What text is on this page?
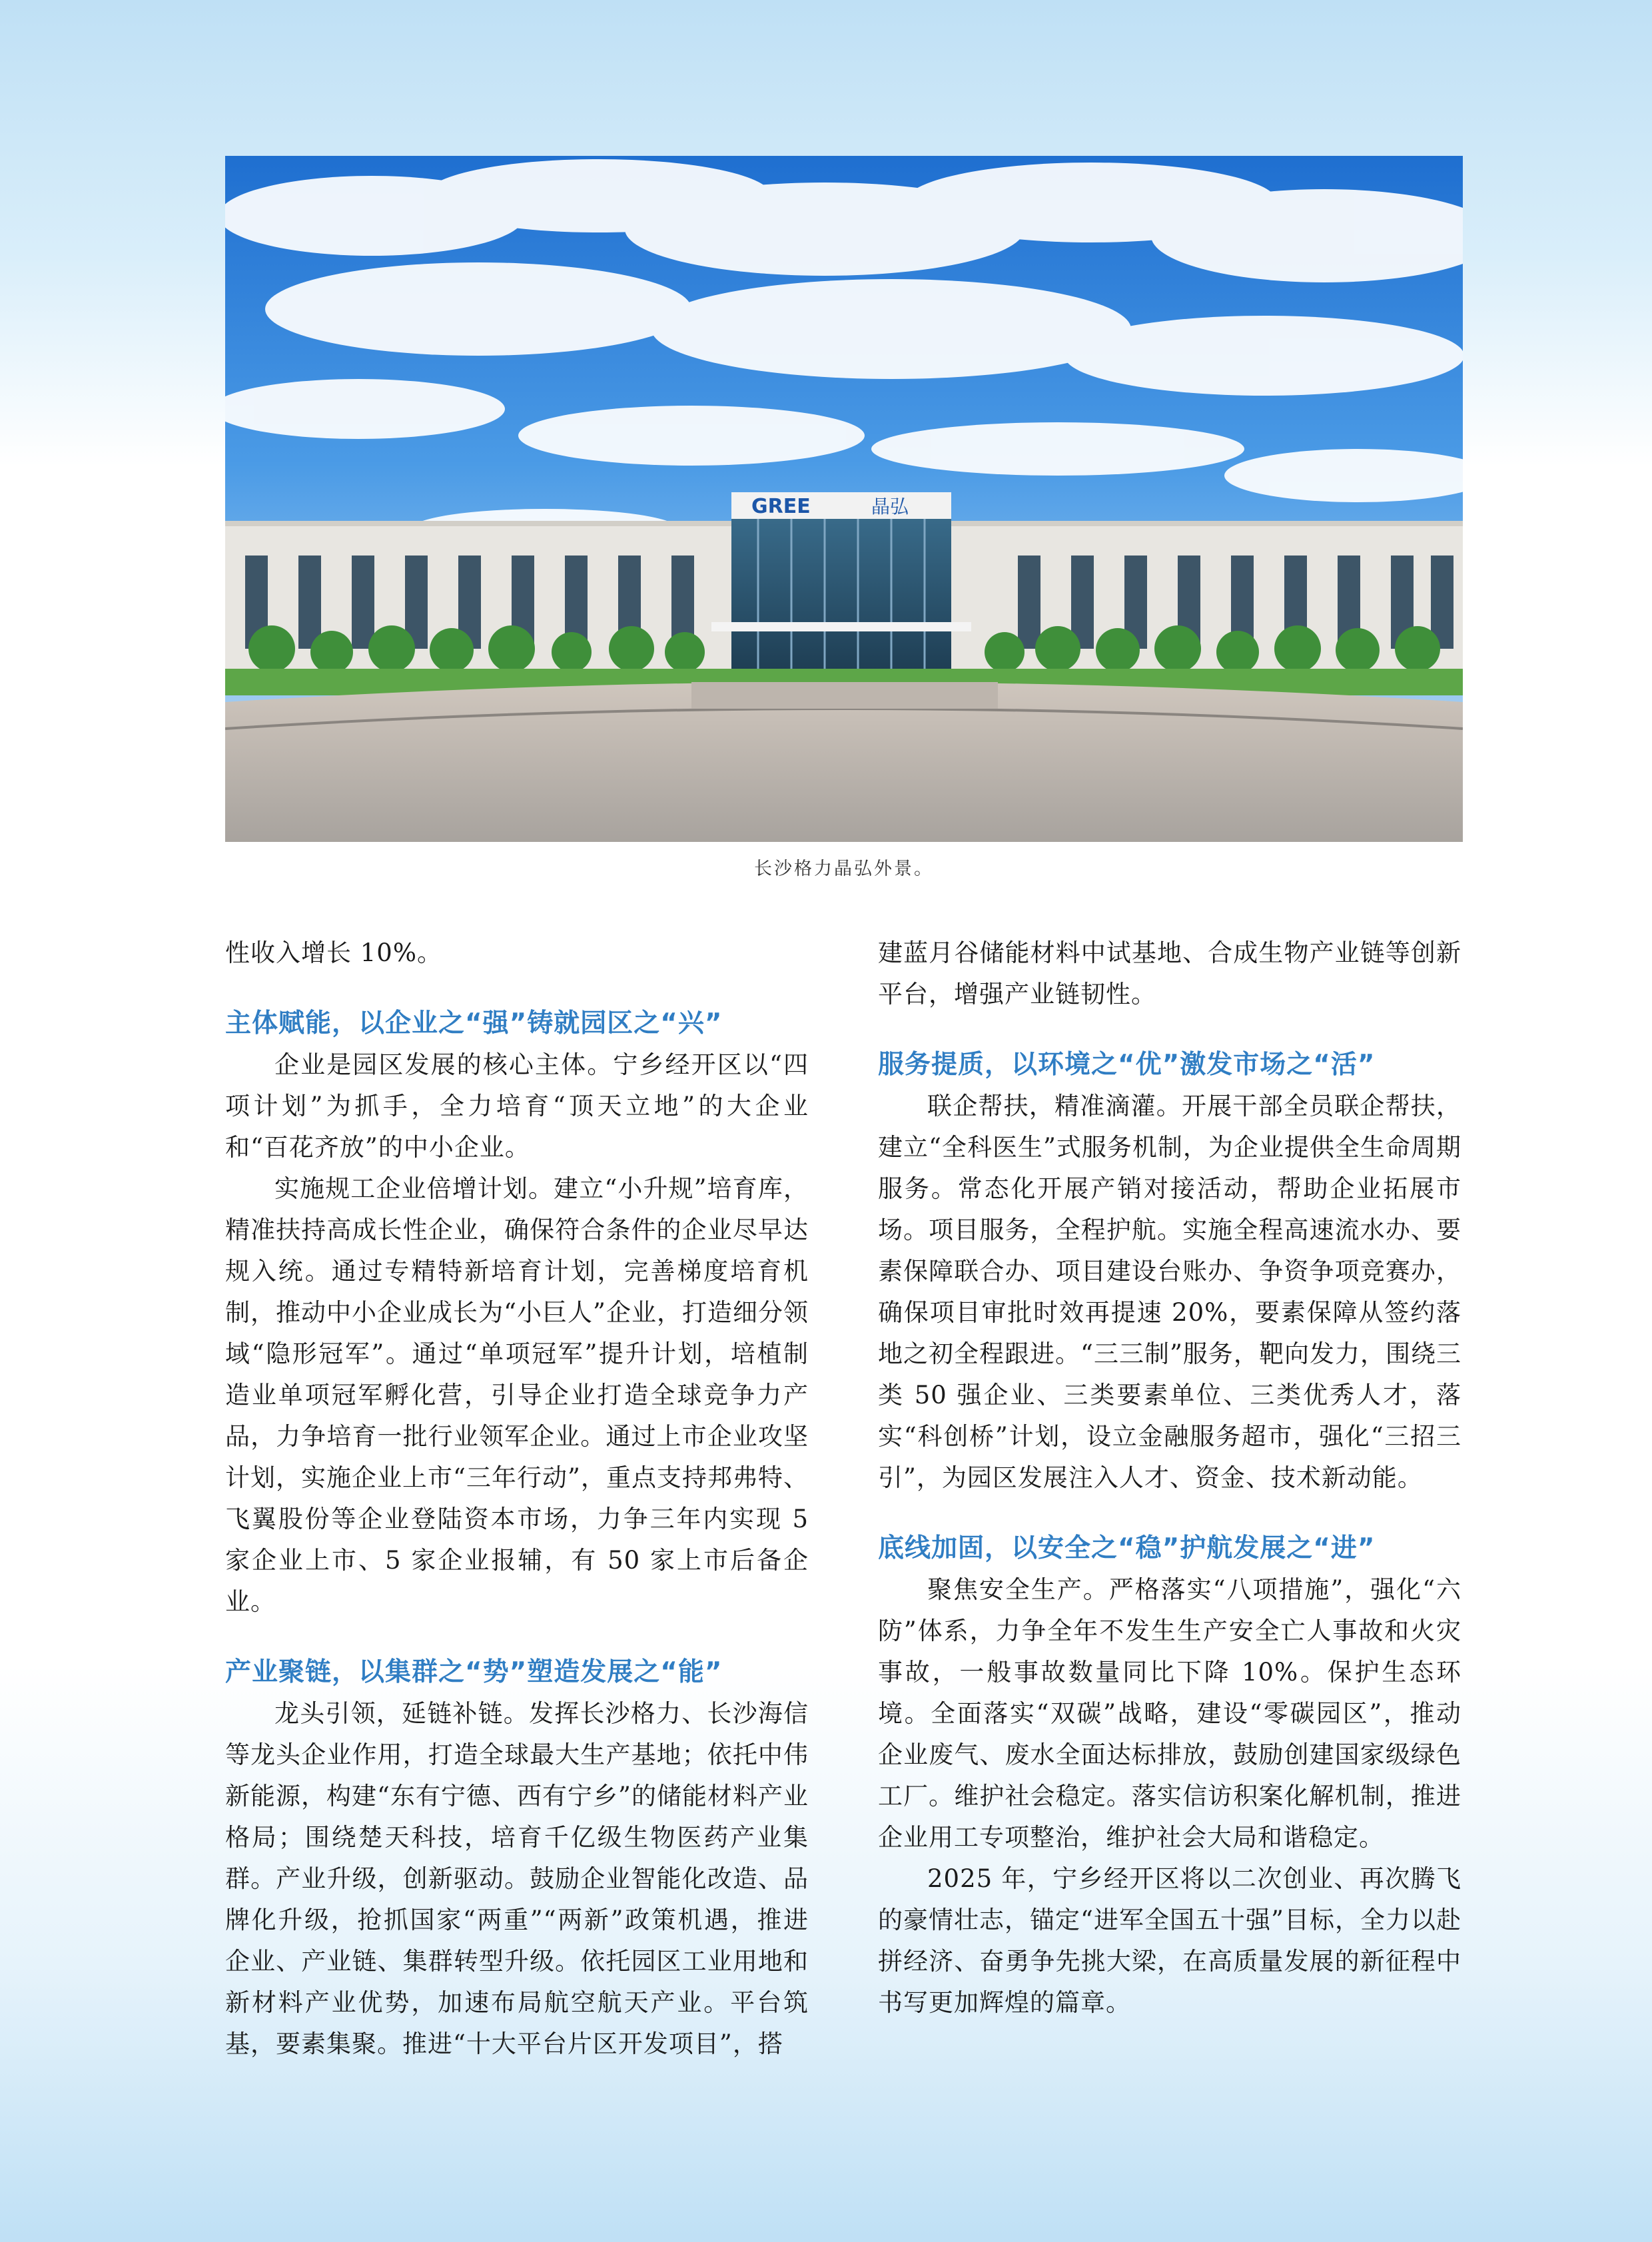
GREE	晶弘
长沙格力晶弘外景。

性收入增长 10%。

主体赋能，以企业之“强”铸就园区之“兴”

企业是园区发展的核心主体。宁乡经开区以“四项计划”为抓手，全力培育“顶天立地”的大企业和“百花齐放”的中小企业。

实施规工企业倍增计划。建立“小升规”培育库，精准扶持高成长性企业，确保符合条件的企业尽早达规入统。通过专精特新培育计划，完善梯度培育机制，推动中小企业成长为“小巨人”企业，打造细分领域“隐形冠军”。通过“单项冠军”提升计划，培植制造业单项冠军孵化营，引导企业打造全球竞争力产品，力争培育一批行业领军企业。通过上市企业攻坚计划，实施企业上市“三年行动”，重点支持邦弗特、飞翼股份等企业登陆资本市场，力争三年内实现 5 家企业上市、5 家企业报辅，有 50 家上市后备企业。

产业聚链，以集群之“势”塑造发展之“能”

龙头引领，延链补链。发挥长沙格力、长沙海信等龙头企业作用，打造全球最大生产基地；依托中伟新能源，构建“东有宁德、西有宁乡”的储能材料产业格局；围绕楚天科技，培育千亿级生物医药产业集群。产业升级，创新驱动。鼓励企业智能化改造、品牌化升级，抢抓国家“两重”“两新”政策机遇，推进企业、产业链、集群转型升级。依托园区工业用地和新材料产业优势，加速布局航空航天产业。平台筑基，要素集聚。推进“十大平台片区开发项目”，搭

建蓝月谷储能材料中试基地、合成生物产业链等创新平台，增强产业链韧性。

服务提质，以环境之“优”激发市场之“活”

联企帮扶，精准滴灌。开展干部全员联企帮扶，建立“全科医生”式服务机制，为企业提供全生命周期服务。常态化开展产销对接活动，帮助企业拓展市场。项目服务，全程护航。实施全程高速流水办、要素保障联合办、项目建设台账办、争资争项竞赛办，确保项目审批时效再提速 20%，要素保障从签约落地之初全程跟进。“三三制”服务，靶向发力，围绕三类 50 强企业、三类要素单位、三类优秀人才，落实“科创桥”计划，设立金融服务超市，强化“三招三引”，为园区发展注入人才、资金、技术新动能。

底线加固，以安全之“稳”护航发展之“进”

聚焦安全生产。严格落实“八项措施”，强化“六防”体系，力争全年不发生生产安全亡人事故和火灾事故，一般事故数量同比下降 10%。保护生态环境。全面落实“双碳”战略，建设“零碳园区”，推动企业废气、废水全面达标排放，鼓励创建国家级绿色工厂。维护社会稳定。落实信访积案化解机制，推进企业用工专项整治，维护社会大局和谐稳定。

2025 年，宁乡经开区将以二次创业、再次腾飞的豪情壮志，锚定“进军全国五十强”目标，全力以赴拼经济、奋勇争先挑大梁，在高质量发展的新征程中书写更加辉煌的篇章。
